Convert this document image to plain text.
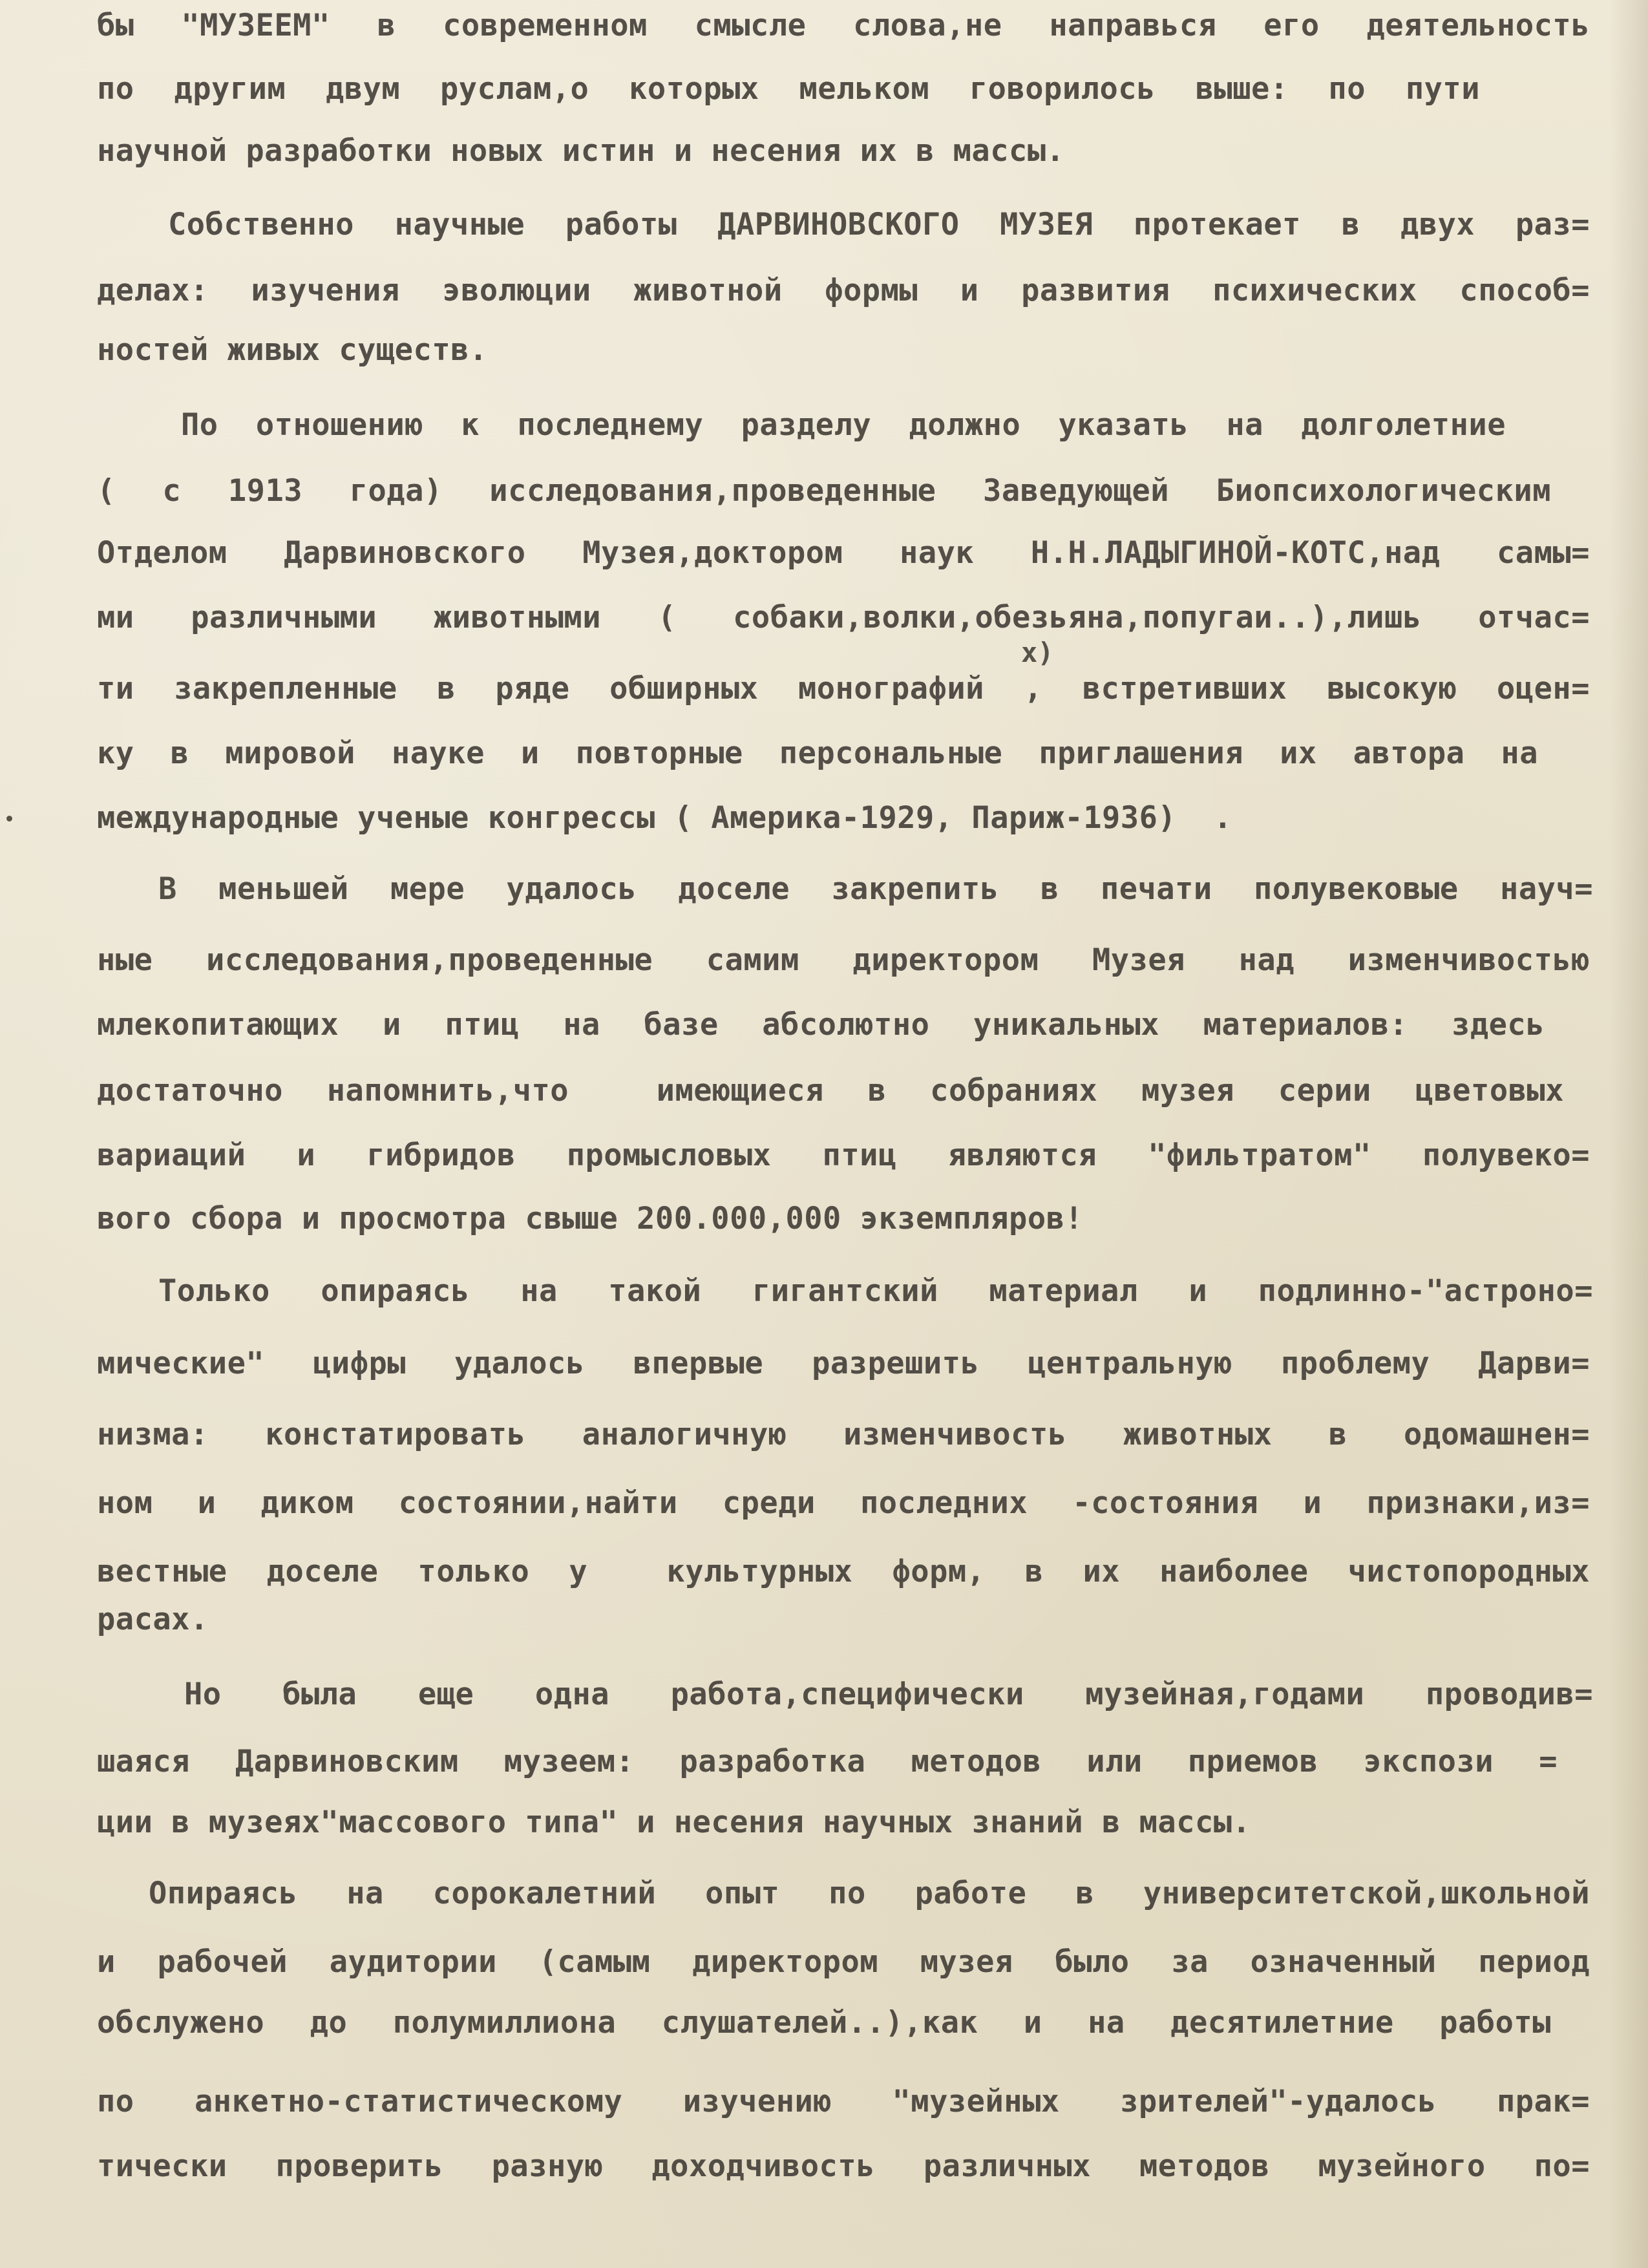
бы "МУЗЕЕМ" в современном смысле слова,не направься его деятельность
по другим двум руслам,о которых мельком говорилось выше: по пути
научной разработки новых истин и несения их в массы.
Собственно научные работы ДАРВИНОВСКОГО МУЗЕЯ протекает в двух раз=
делах: изучения эволюции животной формы и развития психических способ=
ностей живых существ.
По отношению к последнему разделу должно указать на долголетние
( с 1913 года) исследования,проведенные Заведующей Биопсихологическим
Отделом Дарвиновского Музея,доктором наук Н.Н.ЛАДЫГИНОЙ-КОТС,над самы=
ми различными животными ( собаки,волки,обезьяна,попугаи..),лишь отчас=
x)
ти закрепленные в ряде обширных монографий , встретивших высокую оцен=
ку в мировой науке и повторные персональные приглашения их автора на
международные ученые конгрессы ( Америка-1929, Париж-1936)  .
В меньшей мере удалось доселе закрепить в печати полувековые науч=
ные исследования,проведенные самим директором Музея над изменчивостью
млекопитающих и птиц на базе абсолютно уникальных материалов: здесь
достаточно напомнить,что  имеющиеся в собраниях музея серии цветовых
вариаций и гибридов промысловых птиц являются "фильтратом" полувеко=
вого сбора и просмотра свыше 200.000,000 экземпляров!
Только опираясь на такой гигантский материал и подлинно-"астроно=
мические" цифры удалось впервые разрешить центральную проблему Дарви=
низма: констатировать аналогичную изменчивость животных в одомашнен=
ном и диком состоянии,найти среди последних -состояния и признаки,из=
вестные доселе только у  культурных форм, в их наиболее чистопородных
расах.
Но была еще одна работа,специфически музейная,годами проводив=
шаяся Дарвиновским музеем: разработка методов или приемов экспози =
ции в музеях"массового типа" и несения научных знаний в массы.
Опираясь на сорокалетний опыт по работе в университетской,школьной
и рабочей аудитории (самым директором музея было за означенный период
обслужено до полумиллиона слушателей..),как и на десятилетние работы
по анкетно-статистическому изучению "музейных зрителей"-удалось прак=
тически проверить разную доходчивость различных методов музейного по=
